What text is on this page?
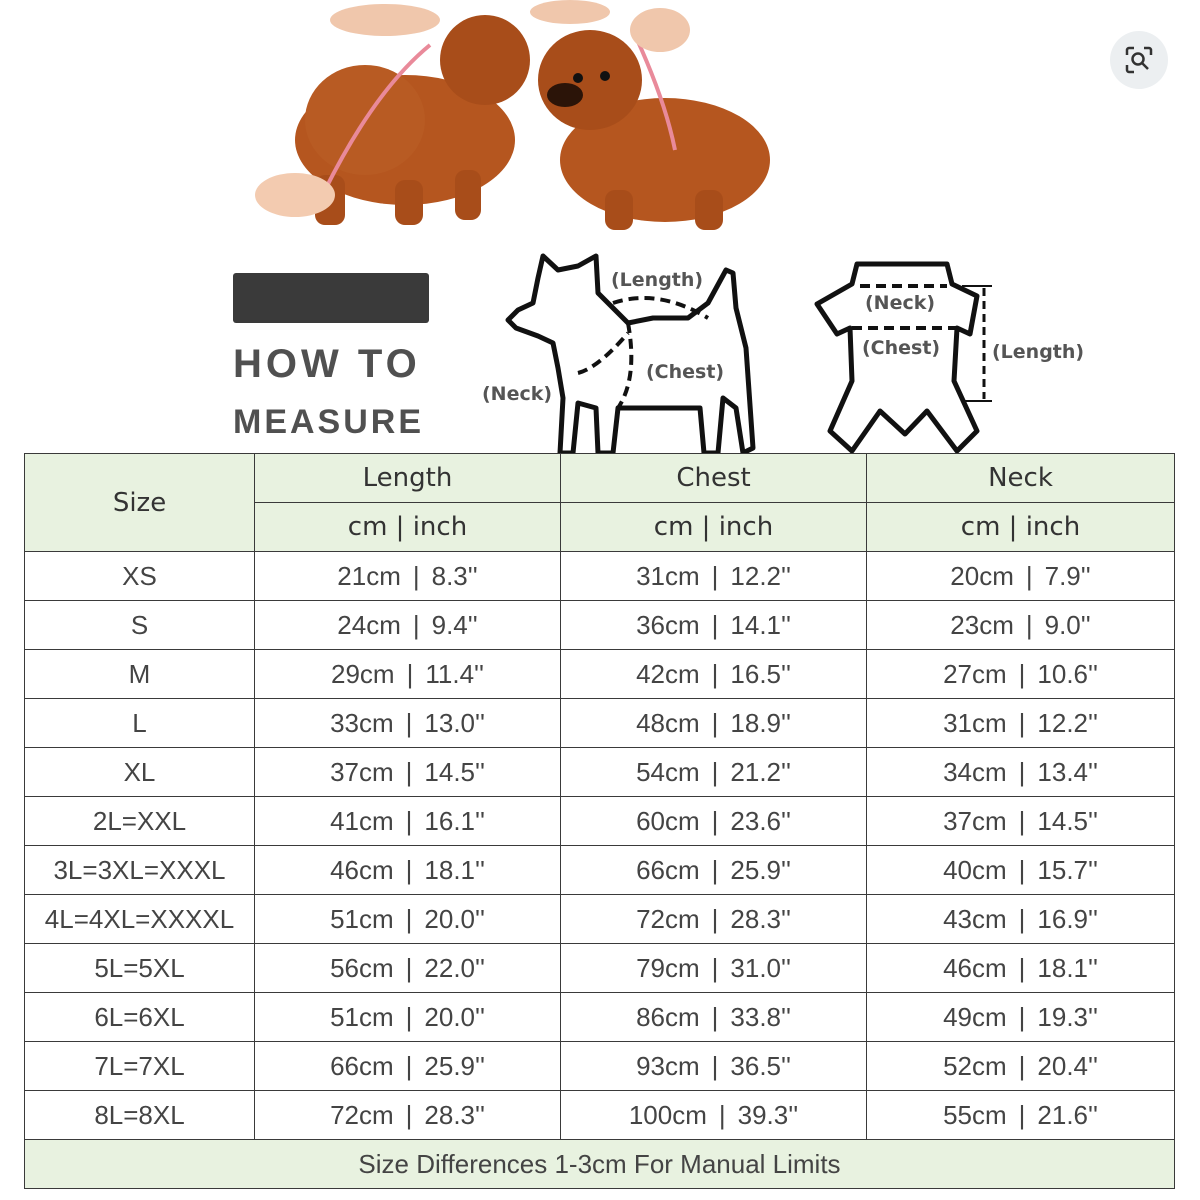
HOW TO
MEASURE
(Length)
(Chest)
(Neck)
(Neck)
(Chest)	(Length)
Size	Length	Chest	Neck
	cm | inch	cm | inch	cm | inch
XS	21cm | 8.3''	31cm | 12.2''	20cm | 7.9''
S	24cm | 9.4''	36cm | 14.1''	23cm | 9.0''
M	29cm | 11.4''	42cm | 16.5''	27cm | 10.6''
L	33cm | 13.0''	48cm | 18.9''	31cm | 12.2''
XL	37cm | 14.5''	54cm | 21.2''	34cm | 13.4''
2L=XXL	41cm | 16.1''	60cm | 23.6''	37cm | 14.5''
3L=3XL=XXXL	46cm | 18.1''	66cm | 25.9''	40cm | 15.7''
4L=4XL=XXXXL	51cm | 20.0''	72cm | 28.3''	43cm | 16.9''
5L=5XL	56cm | 22.0''	79cm | 31.0''	46cm | 18.1''
6L=6XL	51cm | 20.0''	86cm | 33.8''	49cm | 19.3''
7L=7XL	66cm | 25.9''	93cm | 36.5''	52cm | 20.4''
8L=8XL	72cm | 28.3''	100cm | 39.3''	55cm | 21.6''
Size Differences 1-3cm For Manual Limits			
